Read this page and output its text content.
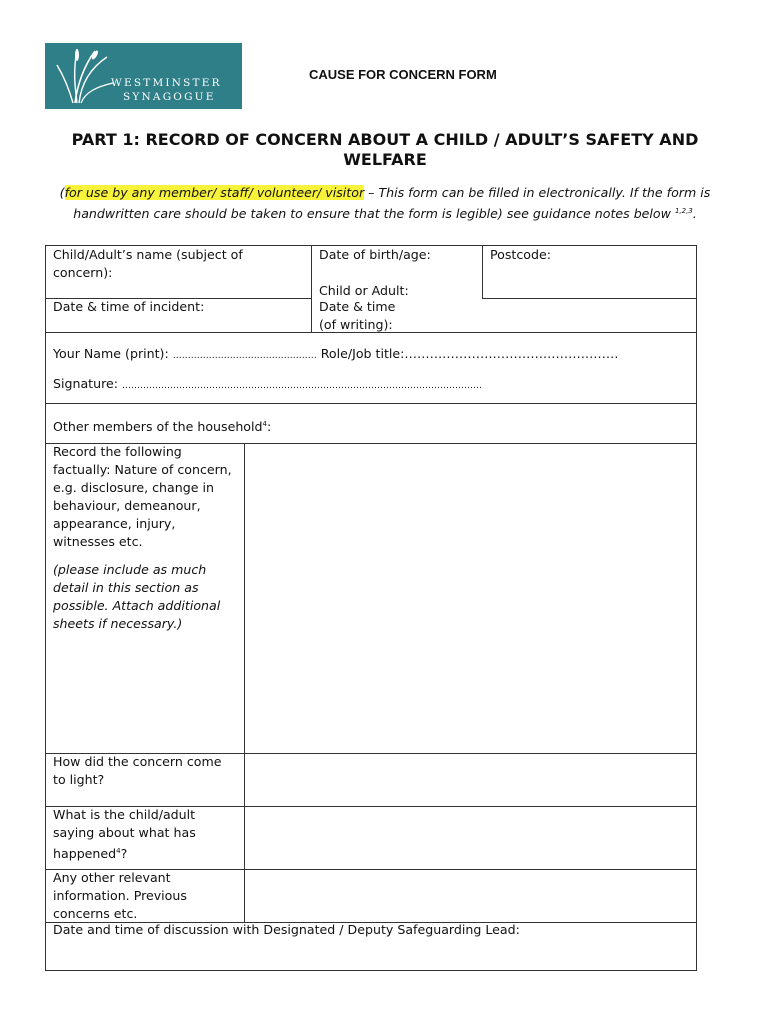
WESTMINSTER
SYNAGOGUE
CAUSE FOR CONCERN FORM
PART 1: RECORD OF CONCERN ABOUT A CHILD / ADULT’S SAFETY AND WELFARE
(for use by any member/ staff/ volunteer/ visitor – This form can be filled in electronically. If the form is handwritten care should be taken to ensure that the form is legible) see guidance notes below $^{1,2,3}$.
Child/Adult’s name (subject of concern):
Date of birth/age:
Child or Adult:
Postcode:
Date & time of incident:	Date & time
(of writing):
Your Name (print): ………………………………………… Role/Job title:……………………………………………
Signature: …………………………………………………………………………………………………………
Other members of the household$^4$:
Record the following factually: Nature of concern, e.g. disclosure, change in behaviour, demeanour, appearance, injury, witnesses etc.
(please include as much detail in this section as possible. Attach additional sheets if necessary.)
How did the concern come to light?
What is the child/adult saying about what has happened$^4$?
Any other relevant information. Previous concerns etc.
Date and time of discussion with Designated / Deputy Safeguarding Lead:
